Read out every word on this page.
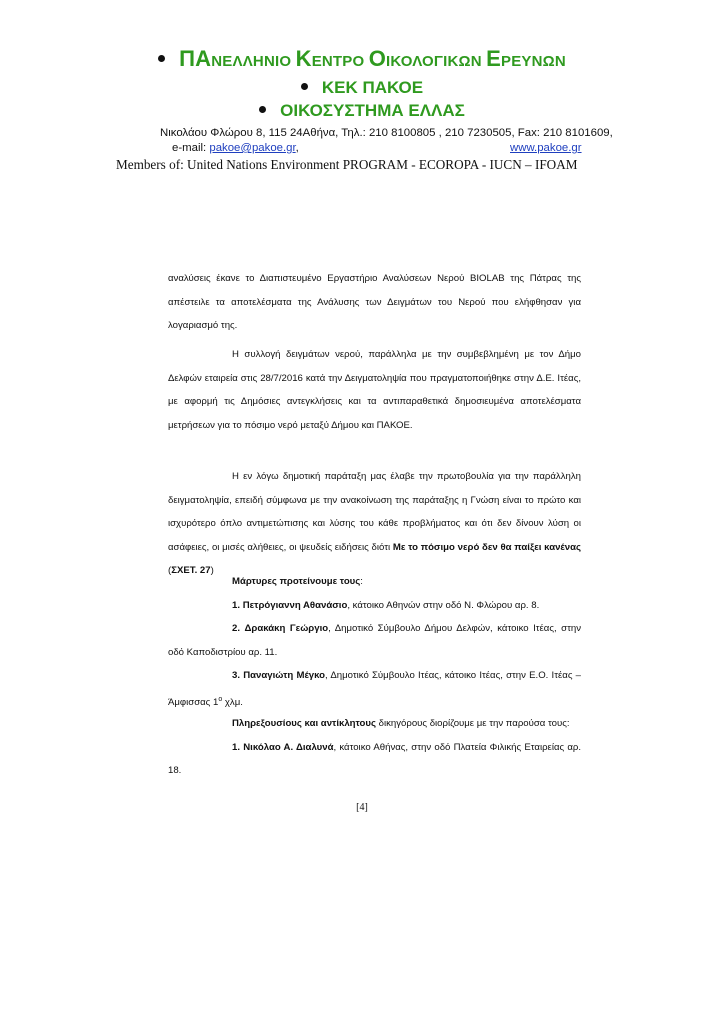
ΠΑΝΕΛΛΗΝΙΟ ΚΕΝΤΡΟ ΟΙΚΟΛΟΓΙΚΩΝ ΕΡΕΥΝΩΝ
ΚΕΚ ΠΑΚΟΕ
ΟΙΚΟΣΥΣΤΗΜΑ ΕΛΛΑΣ
Νικολάου Φλώρου 8, 115 24Αθήνα, Τηλ.: 210 8100805 , 210 7230505, Fax: 210 8101609,
e-mail: pakoe@pakoe.gr,	www.pakoe.gr
Members of: United Nations Environment PROGRAM - ECOROPA - IUCN – IFOAM

αναλύσεις έκανε το Διαπιστευμένο Εργαστήριο Αναλύσεων Νερού BIOLAB της Πάτρας της απέστειλε τα αποτελέσματα της Ανάλυσης των Δειγμάτων του Νερού που ελήφθησαν για λογαριασμό της.

Η συλλογή δειγμάτων νερού, παράλληλα με την συμβεβλημένη με τον Δήμο Δελφών εταιρεία στις 28/7/2016 κατά την Δειγματοληψία που πραγματοποιήθηκε στην Δ.Ε. Ιτέας, με αφορμή τις Δημόσιες αντεγκλήσεις και τα αντιπαραθετικά δημοσιευμένα αποτελέσματα μετρήσεων για το πόσιμο νερό μεταξύ Δήμου και ΠΑΚΟΕ.

Η εν λόγω δημοτική παράταξη μας έλαβε την πρωτοβουλία για την παράλληλη δειγματοληψία, επειδή σύμφωνα με την ανακοίνωση της παράταξης η Γνώση είναι το πρώτο και ισχυρότερο όπλο αντιμετώπισης και λύσης του κάθε προβλήματος και ότι δεν δίνουν λύση οι ασάφειες, οι μισές αλήθειες, οι ψευδείς ειδήσεις διότι Με το πόσιμο νερό δεν θα παίξει κανένας (ΣΧΕΤ. 27)

Μάρτυρες προτείνουμε τους:

1. Πετρόγιαννη Αθανάσιο, κάτοικο Αθηνών στην οδό Ν. Φλώρου αρ. 8.

2. Δρακάκη Γεώργιο, Δημοτικό Σύμβουλο Δήμου Δελφών, κάτοικο Ιτέας, στην οδό Καποδιστρίου αρ. 11.

3. Παναγιώτη Μέγκο, Δημοτικό Σύμβουλο Ιτέας, κάτοικο Ιτέας, στην Ε.Ο. Ιτέας – Άμφισσας $1^o$ χλμ.

Πληρεξουσίους και αντίκλητους δικηγόρους διορίζουμε με την παρούσα τους:

1. Νικόλαο Α. Διαλυνά, κάτοικο Αθήνας, στην οδό Πλατεία Φιλικής Εταιρείας αρ. 18.

[4]
